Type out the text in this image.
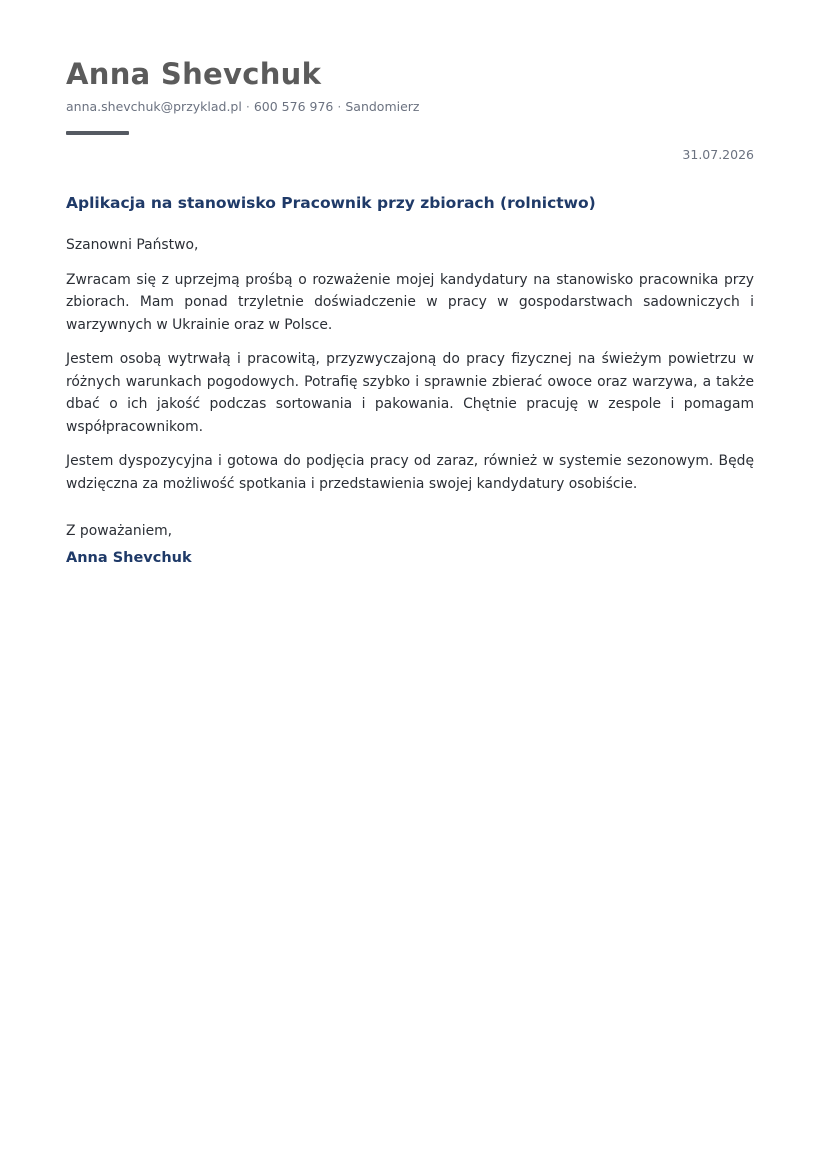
Anna Shevchuk
anna.shevchuk@przyklad.pl · 600 576 976 · Sandomierz
31.07.2026
Aplikacja na stanowisko Pracownik przy zbiorach (rolnictwo)

Szanowni Państwo,

Zwracam się z uprzejmą prośbą o rozważenie mojej kandydatury na stanowisko pracownika przy zbiorach. Mam ponad trzyletnie doświadczenie w pracy w gospodarstwach sadowniczych i warzywnych w Ukrainie oraz w Polsce.

Jestem osobą wytrwałą i pracowitą, przyzwyczajoną do pracy fizycznej na świeżym powietrzu w różnych warunkach pogodowych. Potrafię szybko i sprawnie zbierać owoce oraz warzywa, a także dbać o ich jakość podczas sortowania i pakowania. Chętnie pracuję w zespole i pomagam współpracownikom.

Jestem dyspozycyjna i gotowa do podjęcia pracy od zaraz, również w systemie sezonowym. Będę wdzięczna za możliwość spotkania i przedstawienia swojej kandydatury osobiście.

Z poważaniem,

Anna Shevchuk
